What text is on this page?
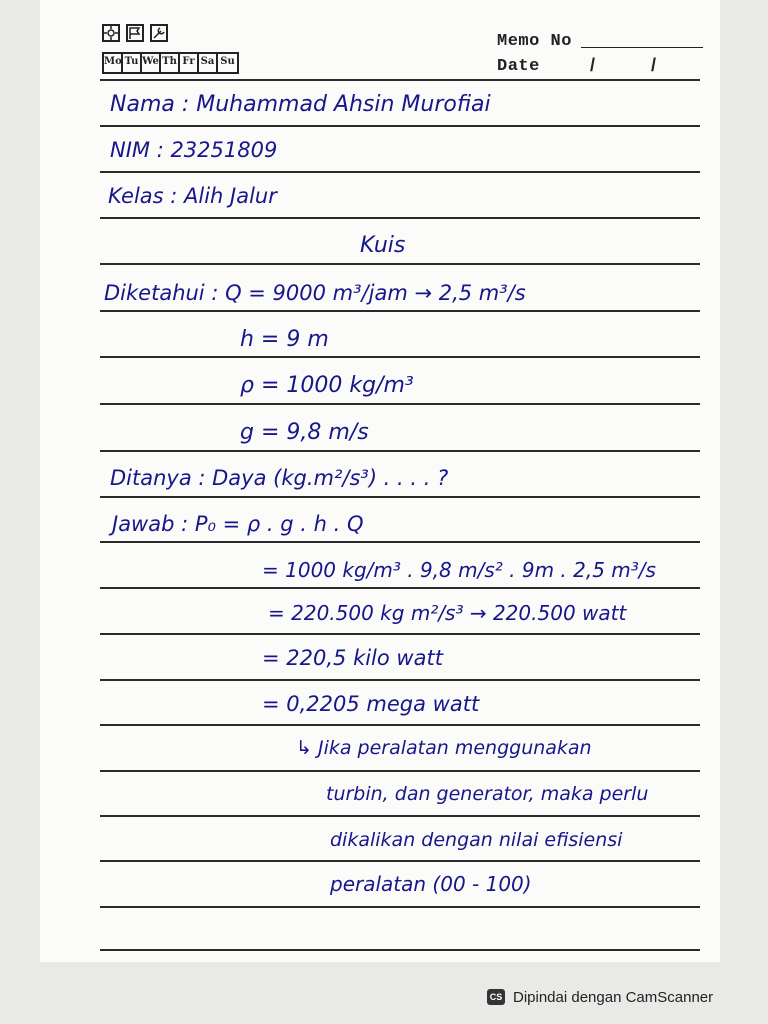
Mo Tu We Th Fr Sa Su
Memo No
Date	/	/
Nama : Muhammad Ahsin Murofiai
NIM : 23251809
Kelas : Alih Jalur
Kuis
Diketahui : Q = 9000 m³/jam → 2,5 m³/s
h = 9 m
ρ = 1000 kg/m³
g = 9,8 m/s
Ditanya : Daya (kg.m²/s³) . . . . ?
Jawab : P₀ = ρ . g . h . Q
= 1000 kg/m³ . 9,8 m/s² . 9m . 2,5 m³/s
= 220.500 kg m²/s³ → 220.500 watt
= 220,5 kilo watt
= 0,2205 mega watt
↳ Jika peralatan menggunakan
turbin, dan generator, maka perlu
dikalikan dengan nilai efisiensi
peralatan (00 - 100)
CS Dipindai dengan CamScanner
